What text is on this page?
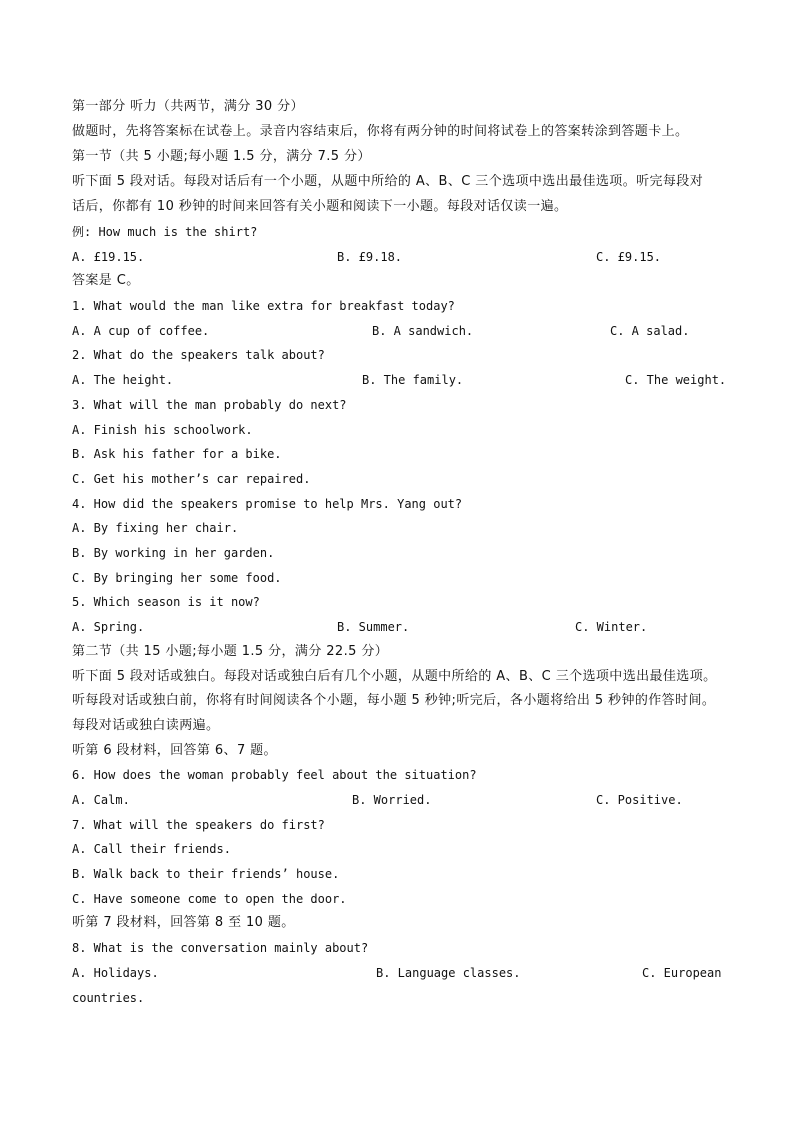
第一部分 听力（共两节，满分 30 分）
做题时，先将答案标在试卷上。录音内容结束后，你将有两分钟的时间将试卷上的答案转涂到答题卡上。
第一节（共 5 小题;每小题 1.5 分，满分 7.5 分）
听下面 5 段对话。每段对话后有一个小题，从题中所给的 A、B、C 三个选项中选出最佳选项。听完每段对
话后，你都有 10 秒钟的时间来回答有关小题和阅读下一小题。每段对话仅读一遍。
例: How much is the shirt?
A. £19.15.	B. £9.18.	C. £9.15.
答案是 C。
1. What would the man like extra for breakfast today?
A. A cup of coffee.	B. A sandwich.	C. A salad.
2. What do the speakers talk about?
A. The height.	B. The family.	C. The weight.
3. What will the man probably do next?
A. Finish his schoolwork.
B. Ask his father for a bike.
C. Get his mother’s car repaired.
4. How did the speakers promise to help Mrs. Yang out?
A. By fixing her chair.
B. By working in her garden.
C. By bringing her some food.
5. Which season is it now?
A. Spring.	B. Summer.	C. Winter.
第二节（共 15 小题;每小题 1.5 分，满分 22.5 分）
听下面 5 段对话或独白。每段对话或独白后有几个小题，从题中所给的 A、B、C 三个选项中选出最佳选项。
听每段对话或独白前，你将有时间阅读各个小题，每小题 5 秒钟;听完后，各小题将给出 5 秒钟的作答时间。
每段对话或独白读两遍。
听第 6 段材料，回答第 6、7 题。
6. How does the woman probably feel about the situation?
A. Calm.	B. Worried.	C. Positive.
7. What will the speakers do first?
A. Call their friends.
B. Walk back to their friends’ house.
C. Have someone come to open the door.
听第 7 段材料，回答第 8 至 10 题。
8. What is the conversation mainly about?
A. Holidays.	B. Language classes.	C. European
countries.
